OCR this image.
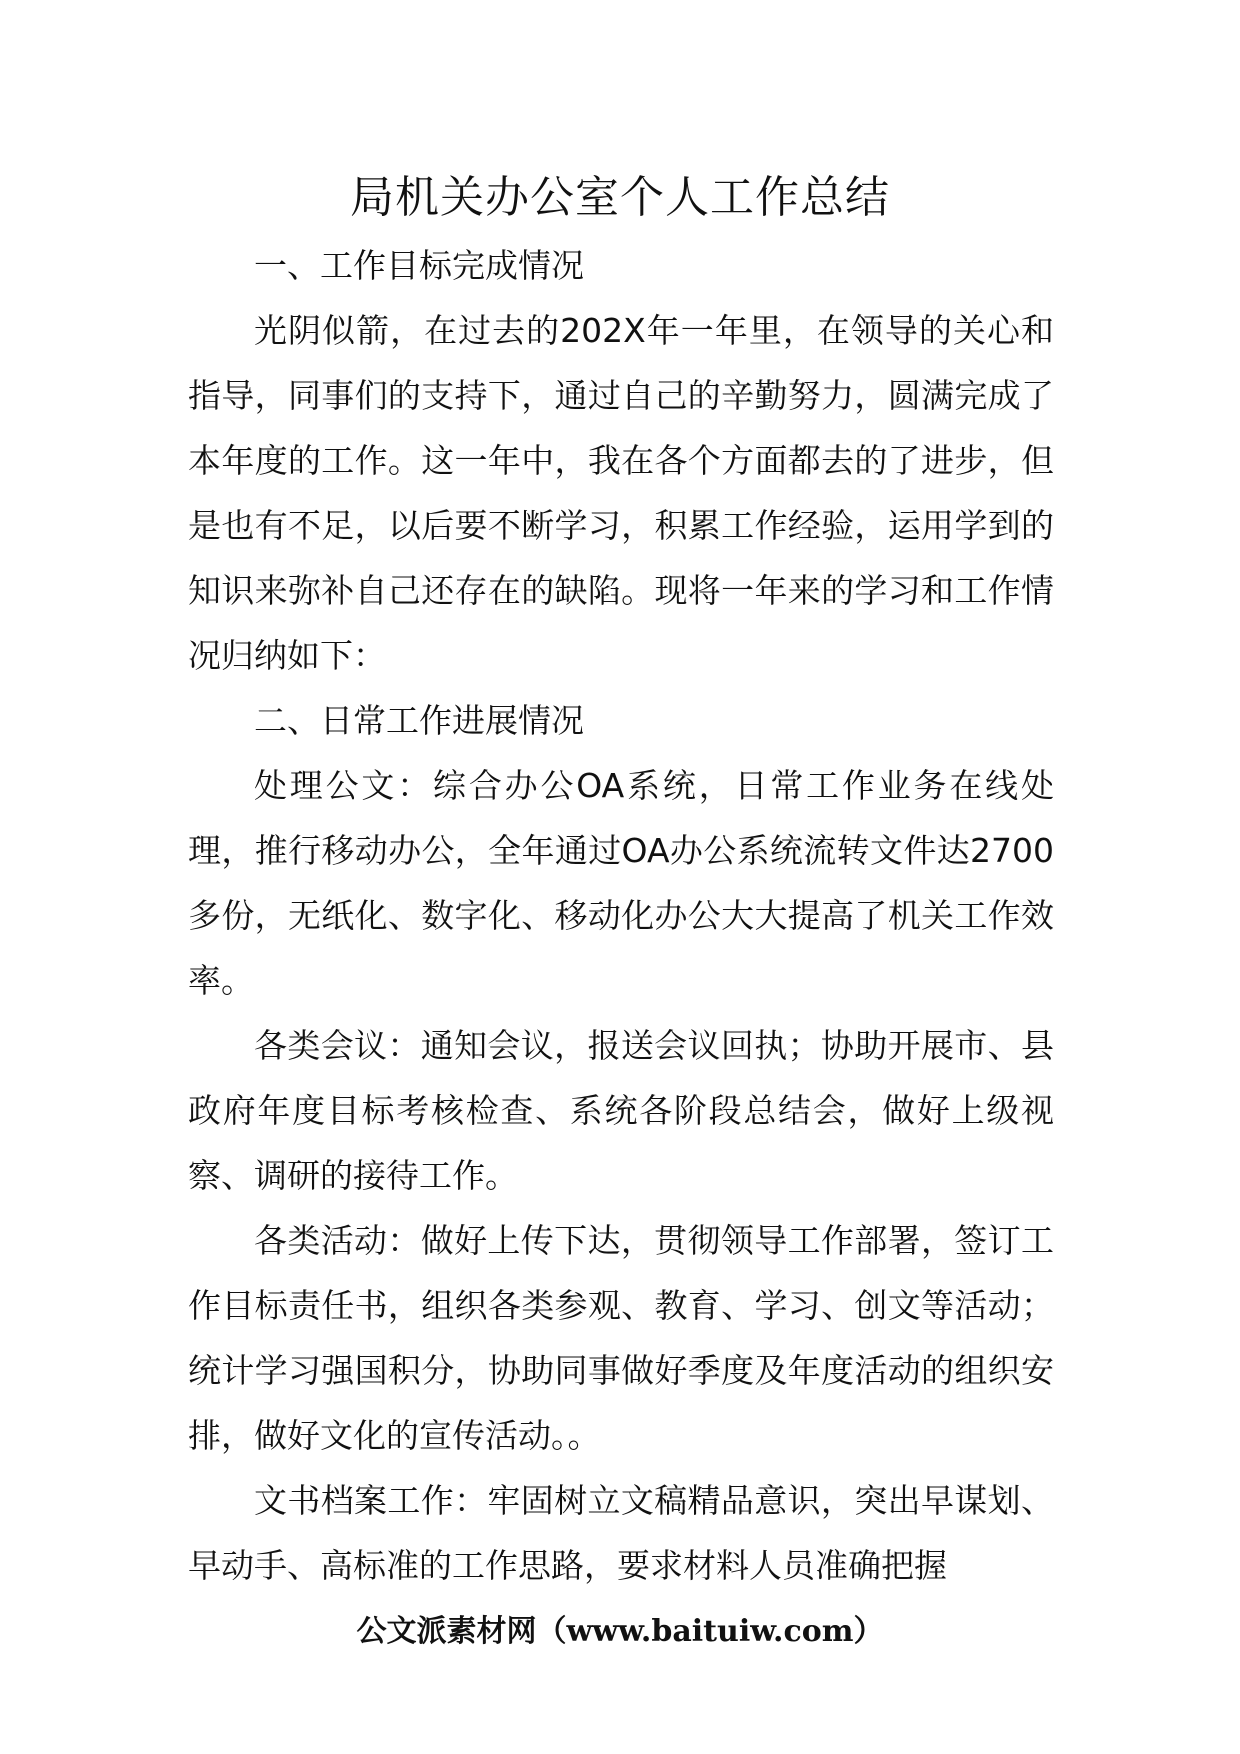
局机关办公室个人工作总结

一、工作目标完成情况

光阴似箭，在过去的202X年一年里，在领导的关心和指导，同事们的支持下，通过自己的辛勤努力，圆满完成了本年度的工作。这一年中，我在各个方面都去的了进步，但是也有不足，以后要不断学习，积累工作经验，运用学到的知识来弥补自己还存在的缺陷。现将一年来的学习和工作情况归纳如下：

二、日常工作进展情况

处理公文：综合办公OA系统，日常工作业务在线处理，推行移动办公，全年通过OA办公系统流转文件达2700多份，无纸化、数字化、移动化办公大大提高了机关工作效率。

各类会议：通知会议，报送会议回执；协助开展市、县政府年度目标考核检查、系统各阶段总结会，做好上级视察、调研的接待工作。

各类活动：做好上传下达，贯彻领导工作部署，签订工作目标责任书，组织各类参观、教育、学习、创文等活动；统计学习强国积分，协助同事做好季度及年度活动的组织安排，做好文化的宣传活动。。

文书档案工作：牢固树立文稿精品意识，突出早谋划、早动手、高标准的工作思路，要求材料人员准确把握

公文派素材网（www.baituiw.com）
